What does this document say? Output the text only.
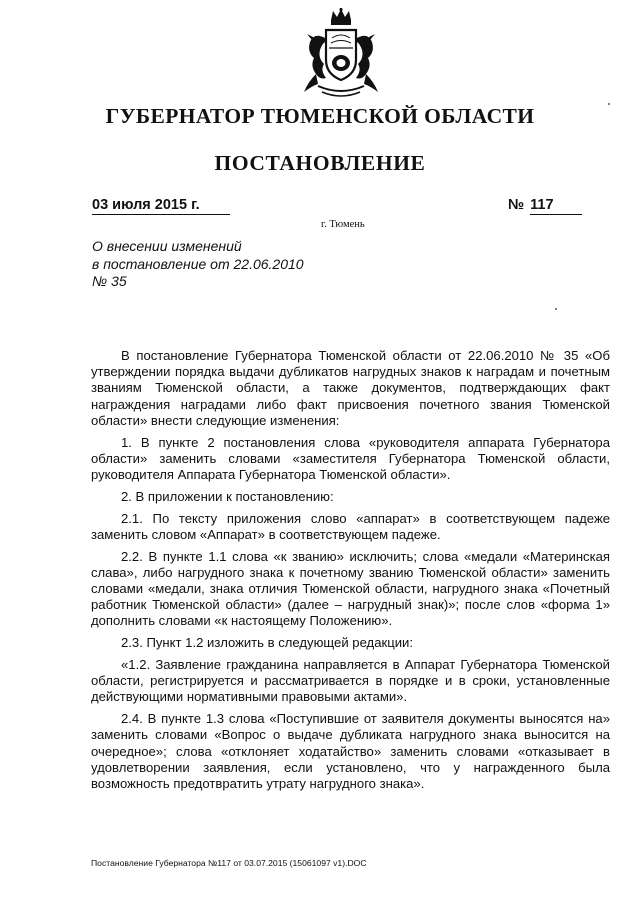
ГУБЕРНАТОР ТЮМЕНСКОЙ ОБЛАСТИ
ПОСТАНОВЛЕНИЕ
03 июля 2015 г.	№ 117
г. Тюмень
О внесении изменений
в постановление от 22.06.2010
№ 35

В постановление Губернатора Тюменской области от 22.06.2010 № 35 «Об утверждении порядка выдачи дубликатов нагрудных знаков к наградам и почетным званиям Тюменской области, а также документов, подтверждающих факт награждения наградами либо факт присвоения почетного звания Тюменской области» внести следующие изменения:

1. В пункте 2 постановления слова «руководителя аппарата Губернатора области» заменить словами «заместителя Губернатора Тюменской области, руководителя Аппарата Губернатора Тюменской области».

2. В приложении к постановлению:

2.1. По тексту приложения слово «аппарат» в соответствующем падеже заменить словом «Аппарат» в соответствующем падеже.

2.2. В пункте 1.1 слова «к званию» исключить; слова «медали «Материнская слава», либо нагрудного знака к почетному званию Тюменской области» заменить словами «медали, знака отличия Тюменской области, нагрудного знака «Почетный работник Тюменской области» (далее – нагрудный знак)»; после слов «форма 1» дополнить словами «к настоящему Положению».

2.3. Пункт 1.2 изложить в следующей редакции:

«1.2. Заявление гражданина направляется в Аппарат Губернатора Тюменской области, регистрируется и рассматривается в порядке и в сроки, установленные действующими нормативными правовыми актами».

2.4. В пункте 1.3 слова «Поступившие от заявителя документы выносятся на» заменить словами «Вопрос о выдаче дубликата нагрудного знака выносится на очередное»; слова «отклоняет ходатайство» заменить словами «отказывает в удовлетворении заявления, если установлено, что у награжденного была возможность предотвратить утрату нагрудного знака».

Постановление Губернатора №117 от 03.07.2015 (15061097 v1).DOC
